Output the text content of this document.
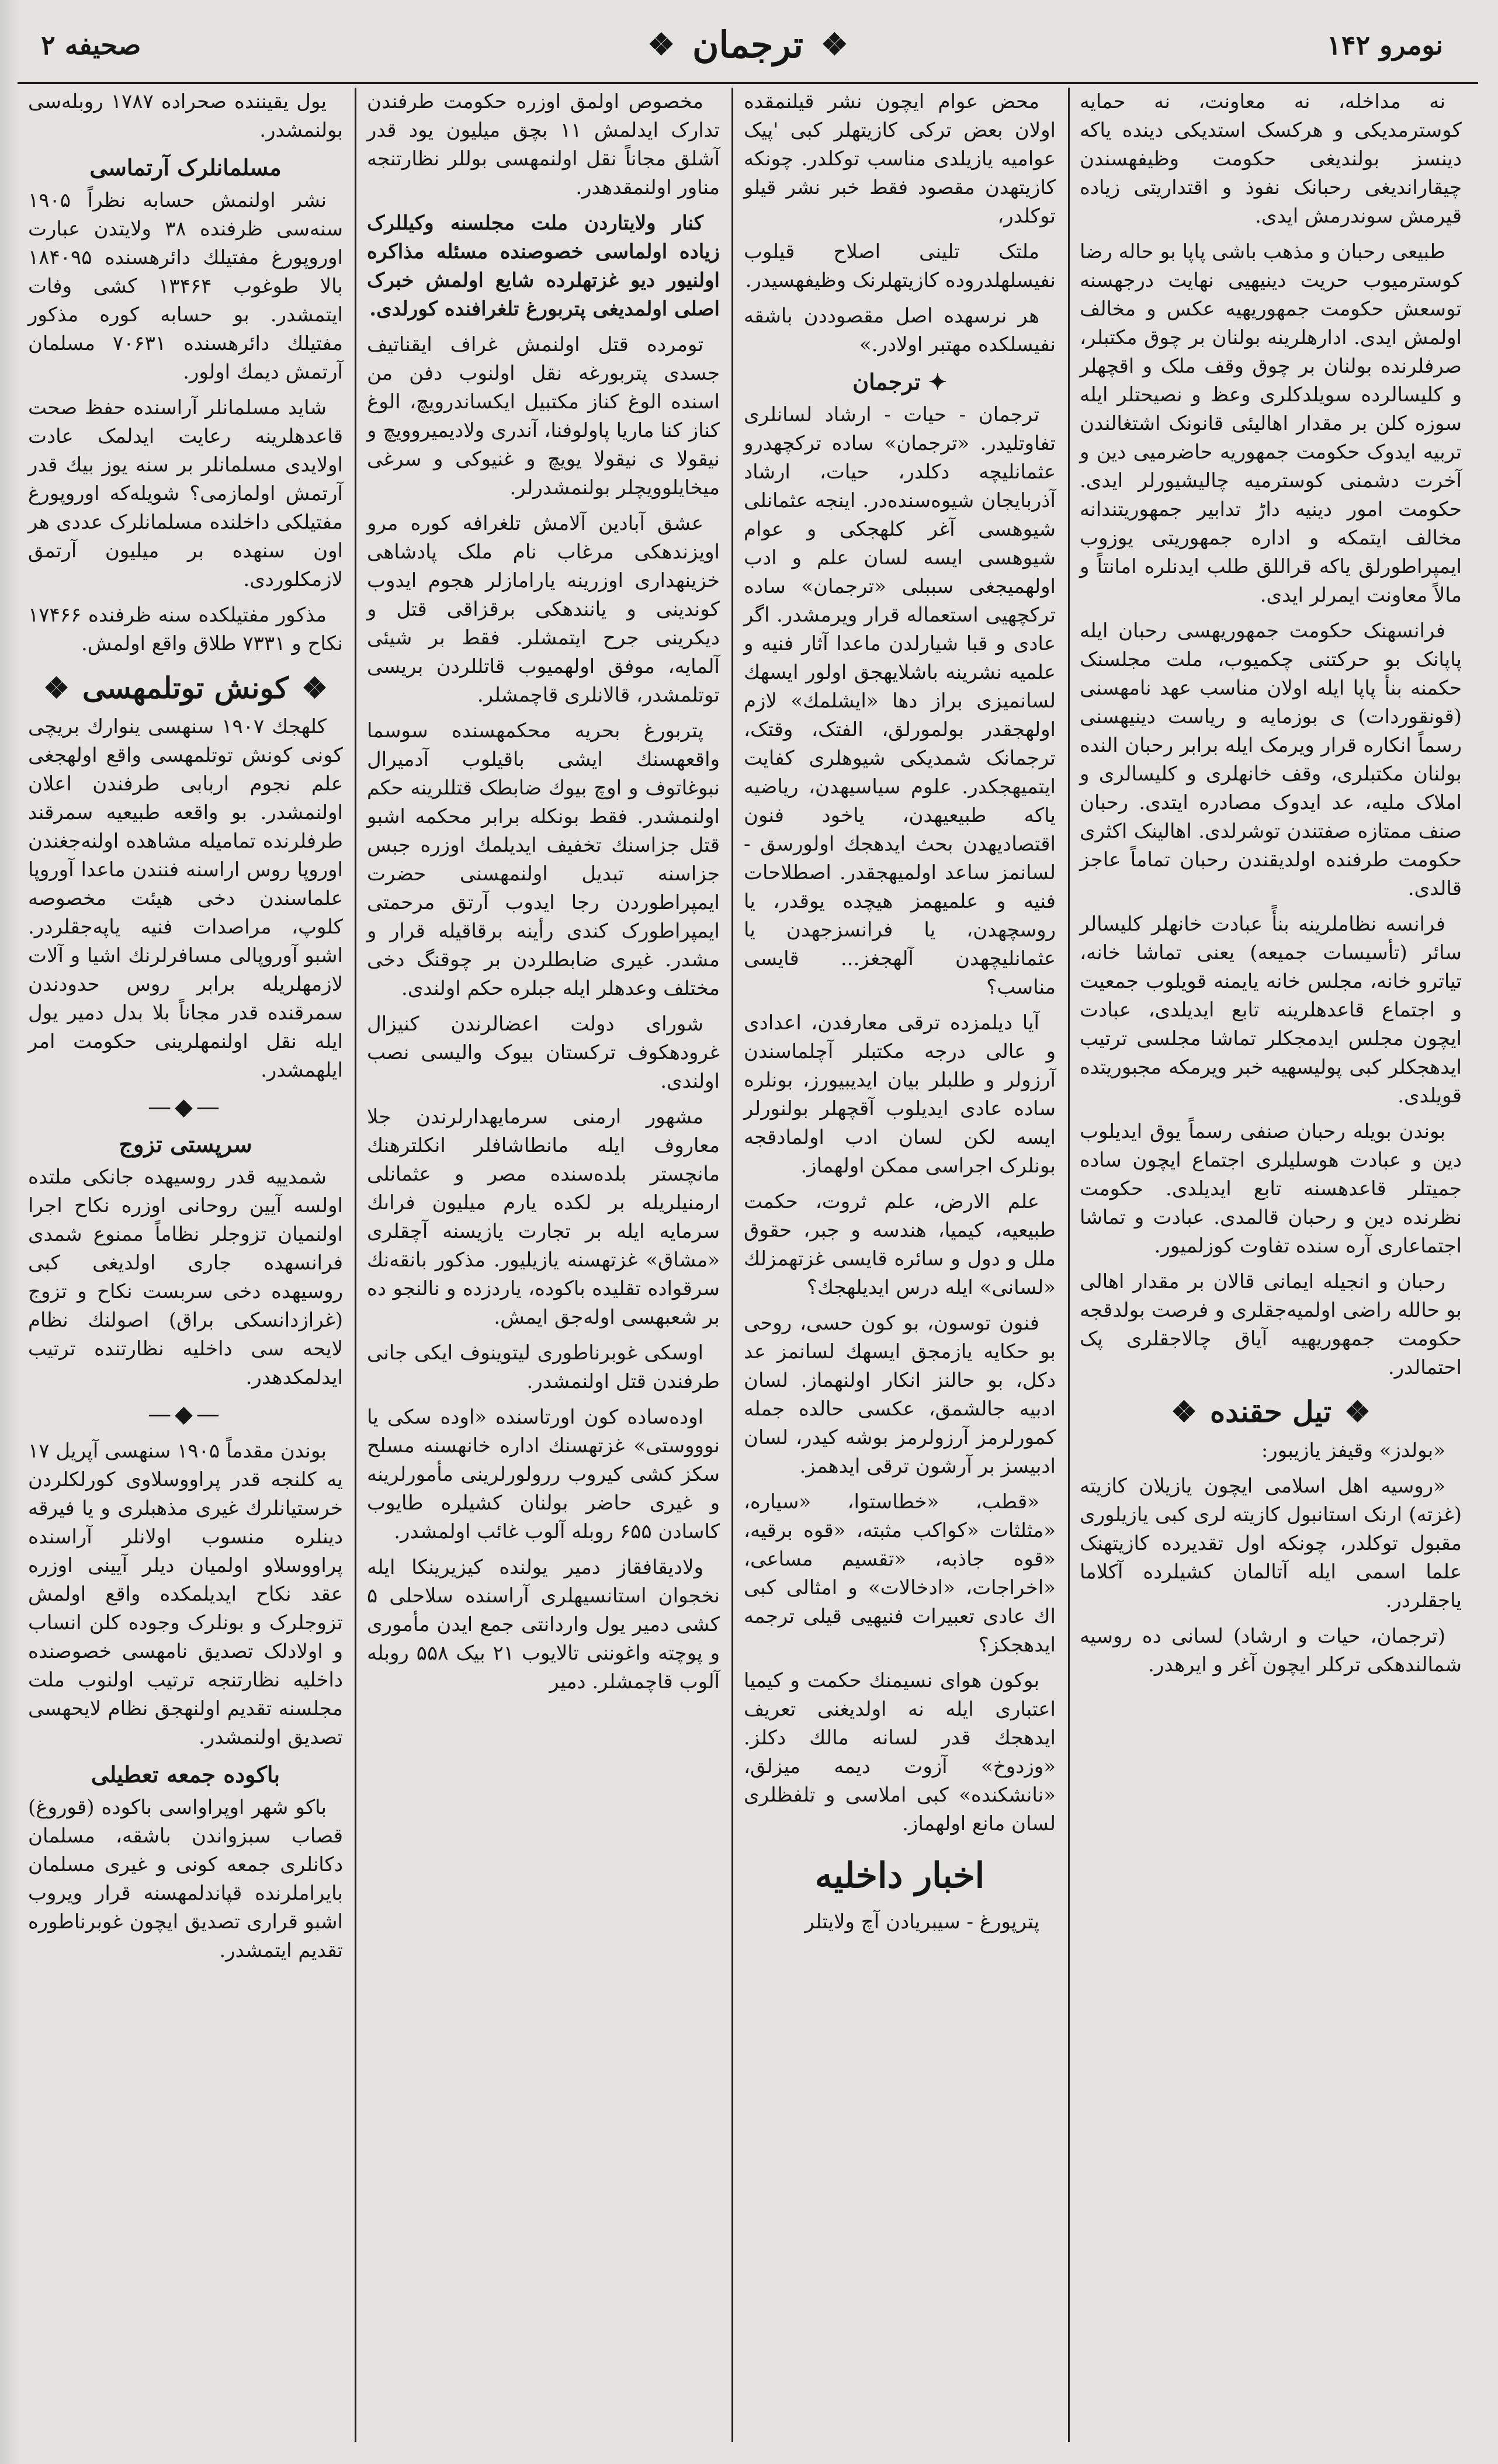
نومرو ۱۴۲
❖
ترجمان
❖
صحیفه ۲

نه مداخله، نه معاونت، نه حمایه کوسترمدیکی و هرکسک استدیکی دیندە یاکە دینسز بولندیغی حکومت وظیفهسندن چیقاراندیغی رحبانک نفوذ و اقتداریتی زیاده قیرمش سوندرمش ایدی.

طبیعی رحبان و مذهب باشی پاپا بو حاله رضا کوسترمیوب حریت دینیهیی نهایت درجهسنه توسعش حکومت جمهوریهیه عکس و مخالف اولمش ایدی. ادارهلرینه بولنان بر چوق مکتبلر، صرفلرنده بولنان بر چوق وقف ملک و اقچهلر و کلیسالرده سویلدکلری وعظ و نصیحتلر ایله سوزه کلن بر مقدار اهالیئی قانونک اشتغالندن تربیه ایدوک حکومت جمهوریه حاضرمیی دین و آخرت دشمنی کوسترمیه چالیشیورلر ایدی. حکومت امور دینیه داڑ تدابیر جمهوریتندانه مخالف ایتمکه و اداره جمهوریتی یوزوب ایمپراطورلق یاکه قراللق طلب ایدنلره امانتاً و مالاً معاونت ایمرلر ایدی.

فرانسهنک حکومت جمهوریهسی رحبان ایله پاپانک بو حرکتنی چکمیوب، ملت مجلسنک حکمنه بنأ پاپا ایله اولان مناسب عهد نامهسنی (قونقوردات) ی بوزمایه و ریاست دینیهسنی رسماً انکاره قرار ویرمک ایله برابر رحبان الندە بولنان مکتبلری، وقف خانهلری و کلیسالری و املاک ملیه، عد ایدوک مصادره ایتدی. رحبان صنف ممتازه صفتندن توشرلدی. اهالینک اکثری حکومت طرفندە اولدیقندن رحبان تماماً عاجز قالدی.

فرانسه نظاملرینه بنأً عبادت خانهلر کلیسالر سائر (تأسیسات جمیعه) یعنی تماشا خانه، تیاترو خانه، مجلس خانه یایمنه قویلوب جمعیت و اجتماع قاعدهلرینه تابع ایدیلدی، عبادت ایچون مجلس ایدمجکلر تماشا مجلسی ترتیب ایدهجکلر کبی پولیسهیه خبر ویرمکه مجبوریتده قویلدی.

بوندن بویله رحبان صنفی رسماً یوق ایدیلوب دین و عبادت هوسلیلری اجتماع ایچون ساده جمیتلر قاعدهسنه تابع ایدیلدی. حکومت نظرنده دین و رحبان قالمدی. عبادت و تماشا اجتماعاری آره سنده تفاوت کوزلمیور.

رحبان و انجیله ایمانی قالان بر مقدار اهالی بو حالله راضی اولمیەجقلری و فرصت بولدقجه حکومت جمهوریهیه آیاق چالاجقلری پک احتمالدر.

❖
تیل حقندە
❖

«بولدز» وقیفز یازیبور:

«روسیه اهل اسلامی ایچون یازیلان کازیته (غزته) ارنک استانبول کازیته لری کبی یازیلوری مقبول توکلدر، چونکه اول تقدیرده کازیتهنک علما اسمی ایله آتالمان کشیلرده آکلاما یاجقلردر.

(ترجمان، حیات و ارشاد) لسانی ده روسیه شمالندهکی ترکلر ایچون آغر و ایرهدر.

محض عوام ایچون نشر قیلنمقده اولان بعض ترکی کازیتهلر کبی 'پیک عوامیه یازیلدی مناسب توکلدر. چونکه کازیتهدن مقصود فقط خبر نشر قیلو توکلدر،

ملتک تلینی اصلاح قیلوب نفیسلهلدروده کازیتهلرنک وظیفهسیدر.

هر نرسهده اصل مقصوددن باشقه نفیسلکدە مهتبر اولادر.»

✦ ترجمان

ترجمان - حیات - ارشاد لسانلری تفاوتلیدر. «ترجمان» ساده ترکچهدرو عثمانلیچه دکلدر، حیات، ارشاد آذربایجان شیوەسندەدر. اینجه عثمانلی شیوهسی آغر کلهجکی و عوام شیوهسی ایسه لسان علم و ادب اولهمیجغی سببلی «ترجمان» ساده ترکچهیی استعماله قرار ویرمشدر. اگر عادی و قبا شیارلدن ماعدا آثار فنیه و علمیه نشرینه باشلایهجق اولور ایسهك لسانمیزی براز دها «ایشلمك» لازم اولهجقدر بولمورلق، الفتک، وقتک، ترجمانک شمدیکی شیوهلری کفایت ایتمیهجکدر. علوم سیاسیهدن، ریاضیه یاکه طبیعیهدن، یاخود فنون اقتصادیهدن بحث ایدهجك اولورسق - لسانمز ساعد اولمیهجقدر. اصطلاحات فنیه و علمیهمز هیچده یوقدر، یا روسچهدن، یا فرانسزجهدن یا عثمانلیچهدن آلهجغز... قایسی مناسب؟

آیا دیلمزده ترقی معارفدن، اعدادی و عالی درجه مکتبلر آچلماسندن آرزولر و طلبلر بیان ایدیبیورز، بونلره سادە عادی ایدیلوب آقچهلر بولنورلر ایسه لکن لسان ادب اولمادقجه بونلرک اجراسی ممکن اولهماز.

علم الارض، علم ثروت، حکمت طبیعیه، کیمیا، هندسه و جبر، حقوق ملل و دول و سائره قایسی غزتهمزلك «لسانی» ایله درس ایدیلهجك؟

فنون توسون، بو کون حسی، روحی بو حکایه یازمجق ایسهك لسانمز عد دکل، بو حالنز انکار اولنهماز. لسان ادبیه جالشمق، عکسی حالده جمله کمورلرمز آرزولرمز بوشه کیدر، لسان ادبیسز بر آرشون ترقی ایدهمز.

«قطب، «خطاستوا، «سیاره، «مثلثات «کواکب مثبته، «قوه برقیه، «قوه جاذبه، «تقسیم مساعی، «اخراجات، «ادخالات» و امثالی کبی اك عادی تعبیرات فنیهیی قیلی ترجمه ایدهجکز؟

بوکون هوای نسیمنك حکمت و کیمیا اعتباری ایله نه اولدیغنی تعریف ایدهجك قدر لسانه مالك دکلز. «وزدوخ» آزوت دیمه میزلق، «نانشکنده» کبی املاسی و تلفظلری لسان مانع اولهماز.

اخبار داخلیه

پترپورغ - سیبریادن آچ ولایتلر

مخصوص اولمق اوزره حکومت طرفندن تدارک ایدلمش ۱۱ بچق میلیون یود قدر آشلق مجاناً نقل اولنمهسی بوللر نظارتنجه مناور اولنمقدهدر.

کنار ولایتاردن ملت مجلسنه وکیللرک زیاده اولماسی خصوصنده مسئله مذاکره اولنیور دیو غزتهلرده شایع اولمش خبرک اصلی اولمدیغی پتربورغ تلغرافنده کورلدی.

تومرده قتل اولنمش غراف ایقناتیف جسدی پتربورغه نقل اولنوب دفن من اسندە الوغ کناز مکتبیل ایکساندرویچ، الوغ کناز کنا ماریا پاولوفنا، آندری ولادیمیروویچ و نیقولا ی نیقولا یویچ و غنیوکی و سرغی میخایلوویچلر بولنمشدرلر.

عشق آبادین آلامش تلغرافه کوره مرو اویزندهکی مرغاب نام ملک پادشاهی خزینهداری اوزرینه یارامازلر هجوم ایدوب کوندینی و یانندهکی برقزاقی قتل و دیکرینی جرح ایتمشلر. فقط بر شیئی آلمایه، موفق اولهمیوب قاتللردن بریسی توتلمشدر، قالانلری قاچمشلر.

پتربورغ بحریه محکمهسندە سوسما واقعهسنك ایشی باقیلوب آدمیرال نبوغاتوف و اوچ بیوك ضابطک قتللرینه حکم اولنمشدر. فقط بونکله برابر محکمه اشبو قتل جزاسنك تخفیف ایدیلمك اوزره جبس جزاسنه تبدیل اولنمهسنی حضرت ایمپراطوردن رجا ایدوب آرتق مرحمتی ایمپراطورک کندی رأینه برقاقیله قرار و مشدر. غیری ضابطلردن بر چوقنگ دخی مختلف وعدهلر ایله جبلره حکم اولندی.

شورای دولت اعضالرندن کنیزال غرودهکوف ترکستان بیوک والیسی نصب اولندی.

مشهور ارمنی سرمایهدارلرندن جلا معاروف ایله مانطاشافلر انکلترهنك مانچستر بلدەسندە مصر و عثمانلی ارمنیلریله بر لکده یارم میلیون فراںك سرمایه ایله بر تجارت یازیسنه آچقلری «مشاق» غزتهسنه یازیلیور. مذکور بانقەنك سرقوادە تقلیدە باکوده، یاردزده و نالنجو ده بر شعبهسی اولەجق ایمش.

اوسکی غوبرناطوری لیتوینوف ایکی جانی طرفندن قتل اولنمشدر.

اوده‌سادە کون اورتاسنده «اوده سکی یا نوووستی» غزتهسنك اداره خانهسنه مسلح سکز کشی کیروب ررولورلرینی مأمورلرینه و غیری حاضر بولنان کشیلره طایوب کاسادن ۶۵۵ روبله آلوب غائب اولمشدر.

ولادیقافقاز دمیر یولنده کیزیرینکا ایله نخجوان استانسیهلری آراسنده سلاحلی ۵ کشی دمیر یول واردانتی جمع ایدن مأموری و پوچتە واغوننی تالایوب ۲۱ بیک ۵۵۸ روبله آلوب قاچمشلر. دمیر

یول یقیننده صحراده ۱۷۸۷ روبلەسی بولنمشدر.

مسلمانلرک آرتماسی

نشر اولنمش حسابه نظراً ۱۹۰۵ سنەسی ظرفندە ۳۸ ولایتدن عبارت اوروپورغ مفتیلك دائرهسندە ۱۸۴۰۹۵ بالا طوغوب ۱۳۴۶۴ کشی وفات ایتمشدر. بو حسابه کوره مذکور مفتیلك دائرهسندە ۷۰۶۳۱ مسلمان آرتمش دیمك اولور.

شاید مسلمانلر آراسندە حفظ صحت قاعدهلرینه رعایت ایدلمک عادت اولایدی مسلمانلر بر سنه یوز بیك قدر آرتمش اولمازمی؟ شویله‌که اوروپورغ مفتیلکی داخلنده مسلمانلرک عددی هر اون سنهده بر میلیون آرتمق لازمکلوردی.

مذکور مفتیلکده سنه ظرفنده ۱۷۴۶۶ نکاح و ۷۳۳۱ طلاق واقع اولمش.

❖
کونش توتلمهسی
❖

کلهجك ۱۹۰۷ سنهسی ینوارك بریچی کونی کونش توتلمهسی واقع اولهجغی علم نجوم اربابی طرفندن اعلان اولنمشدر. بو واقعه طبیعیه سمرقند طرفلرنده تمامیله مشاهده اولنەجغندن اوروپا روس اراسنه فنندن ماعدا آوروپا علماسندن دخی هیئت مخصوصه کلوپ، مراصدات فنیه یاپەجقلردر. اشبو آوروپالی مسافرلرنك اشیا و آلات لازمهلریله برابر روس حدودندن سمرقنده قدر مجاناً بلا بدل دمیر یول ایله نقل اولنمهلرینی حکومت امر ایلهمشدر.

—◆—
سرپستی تزوج

شمدییه قدر روسیهده جانکی ملتده اولسه آیین روحانی اوزره نکاح اجرا اولنمیان تزوجلر نظاماً ممنوع شمدی فرانسهده جاری اولدیغی کبی روسیهده دخی سربست نکاح و تزوج (غرازدانسکی براق) اصولنك نظام لایحه سی داخلیه نظارتنده ترتیب ایدلمکدهدر.

—◆—

بوندن مقدماً ۱۹۰۵ سنهسی آپریل ۱۷ یه کلنجه قدر پراووسلاوی کورلکلردن خرستیانلرك غیری مذهبلری و یا فیرقه دینلره منسوب اولانلر آراسنده پراووسلاو اولمیان دیلر آیینی اوزره عقد نکاح ایدیلمکده واقع اولمش تزوجلرک و بونلرک وجوده کلن انساب و اولادلک تصدیق نامهسی خصوصنده داخلیه نظارتنجه ترتیب اولنوب ملت مجلسنه تقدیم اولنهجق نظام لایحهسی تصدیق اولنمشدر.

باکوده جمعه تعطیلی

باکو شهر اوپراواسی باکوده (قوروغ) قصاب سبزواندن باشقه، مسلمان دکانلری جمعه کونی و غیری مسلمان بایراملرنده قپاندلمهسنه قرار ویروب اشبو قراری تصدیق ایچون غوبرناطوره تقدیم ایتمشدر.
